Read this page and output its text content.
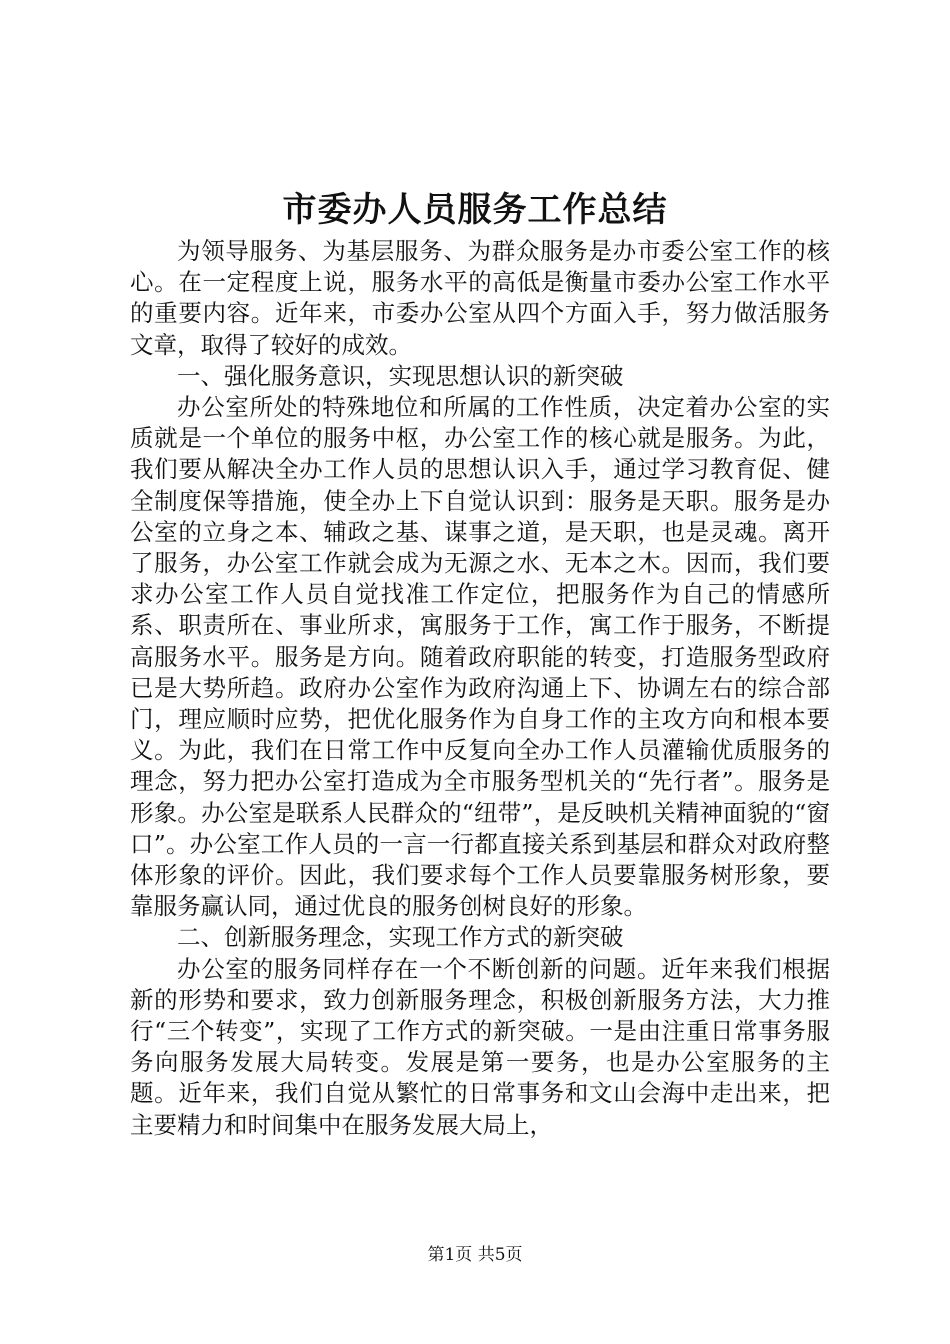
市委办人员服务工作总结

为领导服务、为基层服务、为群众服务是办市委公室工作的核心。在一定程度上说，服务水平的高低是衡量市委办公室工作水平的重要内容。近年来，市委办公室从四个方面入手，努力做活服务文章，取得了较好的成效。

一、强化服务意识，实现思想认识的新突破

办公室所处的特殊地位和所属的工作性质，决定着办公室的实质就是一个单位的服务中枢，办公室工作的核心就是服务。为此，我们要从解决全办工作人员的思想认识入手，通过学习教育促、健全制度保等措施，使全办上下自觉认识到：服务是天职。服务是办公室的立身之本、辅政之基、谋事之道，是天职，也是灵魂。离开了服务，办公室工作就会成为无源之水、无本之木。因而，我们要求办公室工作人员自觉找准工作定位，把服务作为自己的情感所系、职责所在、事业所求，寓服务于工作，寓工作于服务，不断提高服务水平。服务是方向。随着政府职能的转变，打造服务型政府已是大势所趋。政府办公室作为政府沟通上下、协调左右的综合部门，理应顺时应势，把优化服务作为自身工作的主攻方向和根本要义。为此，我们在日常工作中反复向全办工作人员灌输优质服务的理念，努力把办公室打造成为全市服务型机关的“先行者”。服务是形象。办公室是联系人民群众的“纽带”，是反映机关精神面貌的“窗口”。办公室工作人员的一言一行都直接关系到基层和群众对政府整体形象的评价。因此，我们要求每个工作人员要靠服务树形象，要靠服务赢认同，通过优良的服务创树良好的形象。

二、创新服务理念，实现工作方式的新突破

办公室的服务同样存在一个不断创新的问题。近年来我们根据新的形势和要求，致力创新服务理念，积极创新服务方法，大力推行“三个转变”，实现了工作方式的新突破。一是由注重日常事务服务向服务发展大局转变。发展是第一要务，也是办公室服务的主题。近年来，我们自觉从繁忙的日常事务和文山会海中走出来，把主要精力和时间集中在服务发展大局上，

第1页 共5页
